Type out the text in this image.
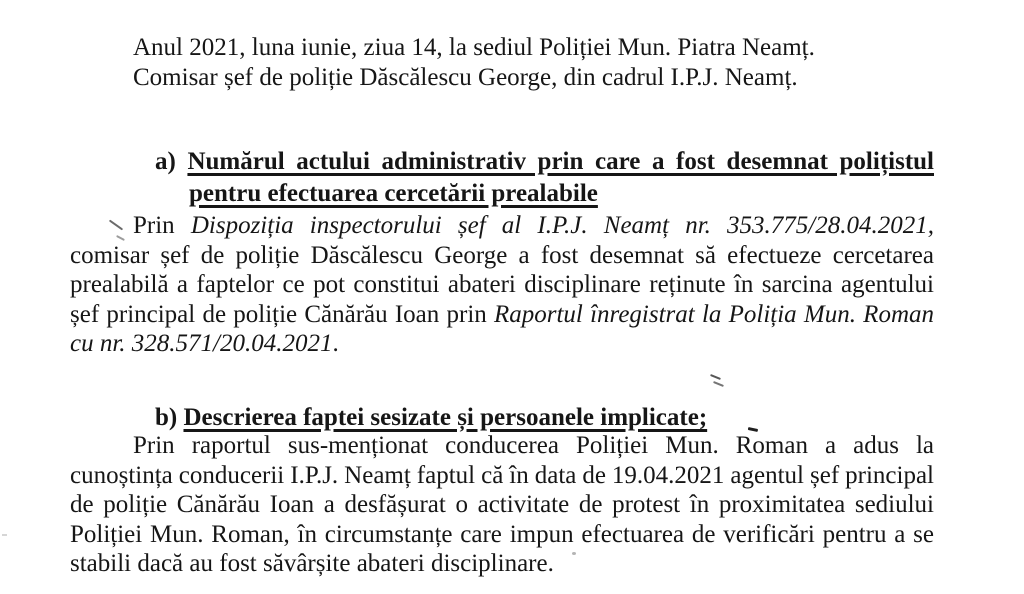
Anul 2021, luna iunie, ziua 14, la sediul Poliției Mun. Piatra Neamț.
Comisar șef de poliție Dăscălescu George, din cadrul I.P.J. Neamț.
a) Numărul actului administrativ prin care a fost desemnat polițistul
pentru efectuarea cercetării prealabile
Prin Dispoziția inspectorului șef al I.P.J. Neamț nr. 353.775/28.04.2021,
comisar șef de poliție Dăscălescu George a fost desemnat să efectueze cercetarea
prealabilă a faptelor ce pot constitui abateri disciplinare reținute în sarcina agentului
șef principal de poliție Cănărău Ioan prin Raportul înregistrat la Poliția Mun. Roman
cu nr. 328.571/20.04.2021.
b) Descrierea faptei sesizate și persoanele implicate;
Prin raportul sus-menționat conducerea Poliției Mun. Roman a adus la
cunoștința conducerii I.P.J. Neamț faptul că în data de 19.04.2021 agentul șef principal
de poliție Cănărău Ioan a desfășurat o activitate de protest în proximitatea sediului
Poliției Mun. Roman, în circumstanțe care impun efectuarea de verificări pentru a se
stabili dacă au fost săvârșite abateri disciplinare.
